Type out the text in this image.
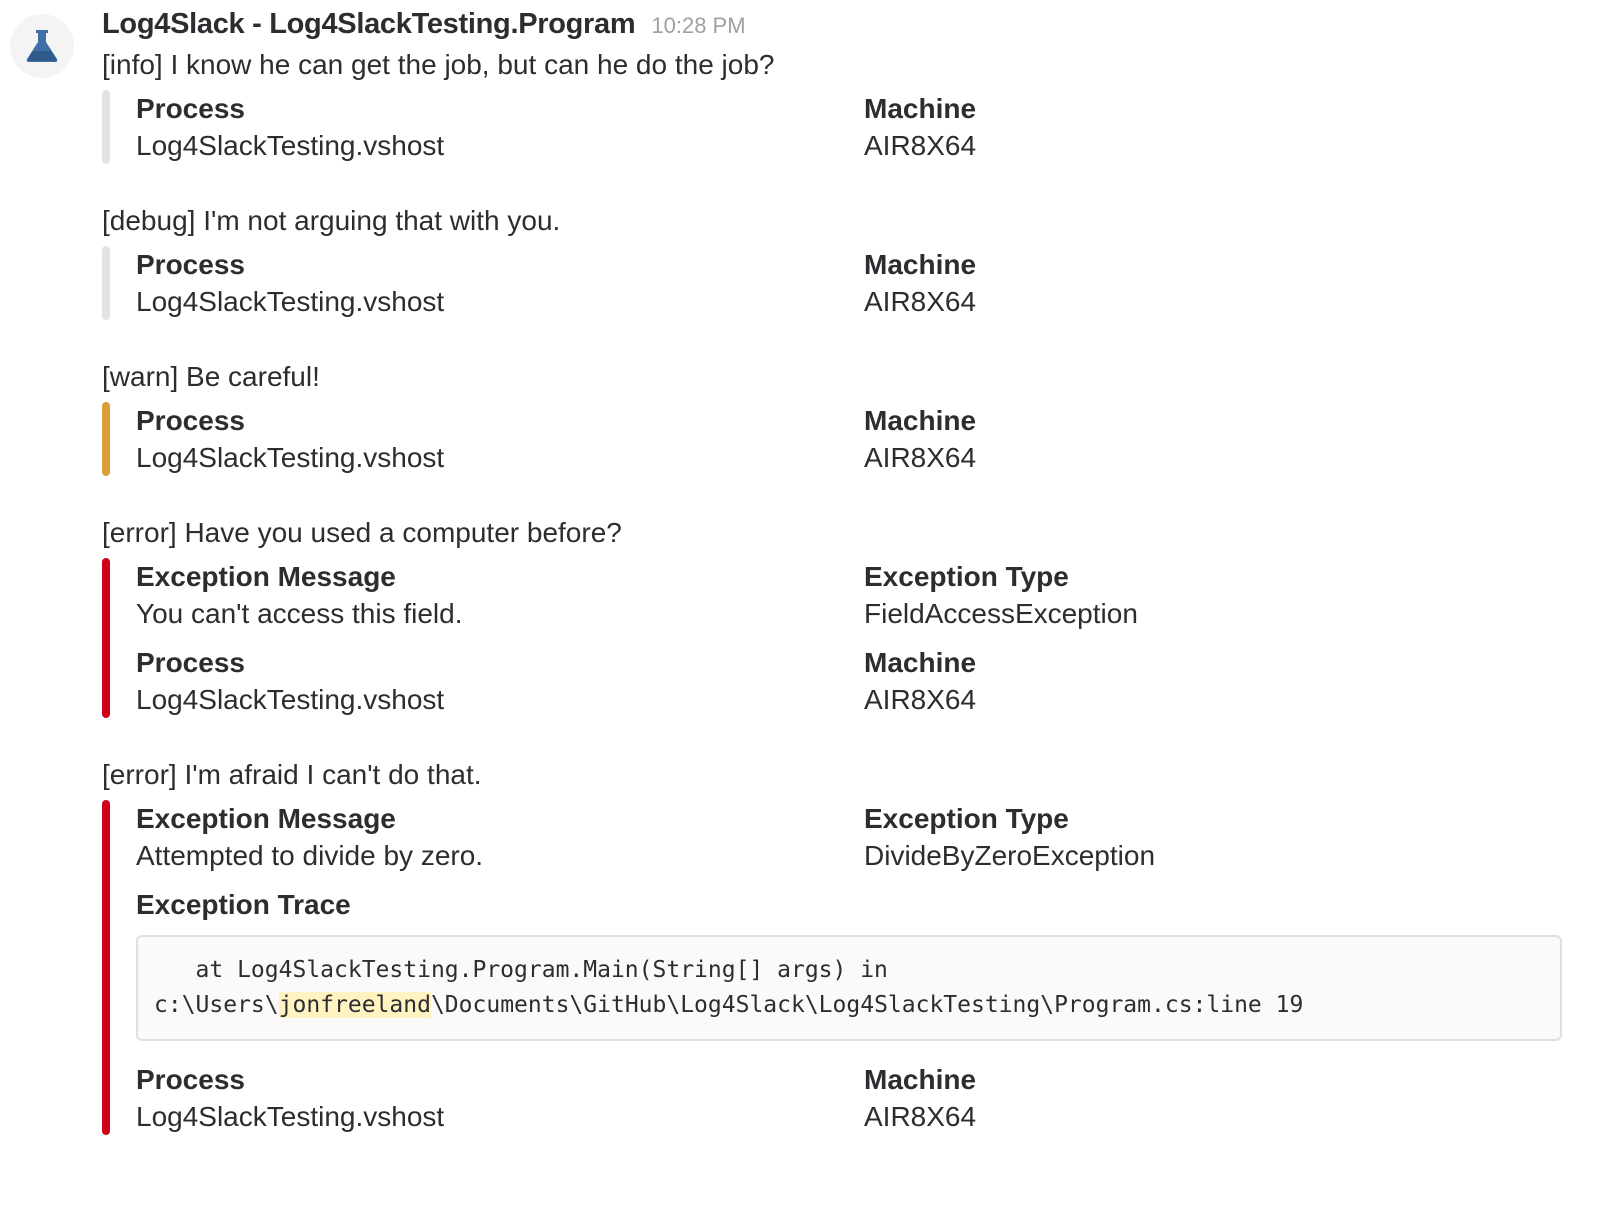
Log4Slack - Log4SlackTesting.Program 10:28 PM
[info] I know he can get the job, but can he do the job?
Process
Log4SlackTesting.vshost
Machine
AIR8X64
[debug] I'm not arguing that with you.
Process
Log4SlackTesting.vshost
Machine
AIR8X64
[warn] Be careful!
Process
Log4SlackTesting.vshost
Machine
AIR8X64
[error] Have you used a computer before?
Exception Message
You can't access this field.
Exception Type
FieldAccessException
Process
Log4SlackTesting.vshost
Machine
AIR8X64
[error] I'm afraid I can't do that.
Exception Message
Attempted to divide by zero.
Exception Type
DivideByZeroException
Exception Trace
at Log4SlackTesting.Program.Main(String[] args) in
c:\Users\jonfreeland\Documents\GitHub\Log4Slack\Log4SlackTesting\Program.cs:line 19
Process
Log4SlackTesting.vshost
Machine
AIR8X64
